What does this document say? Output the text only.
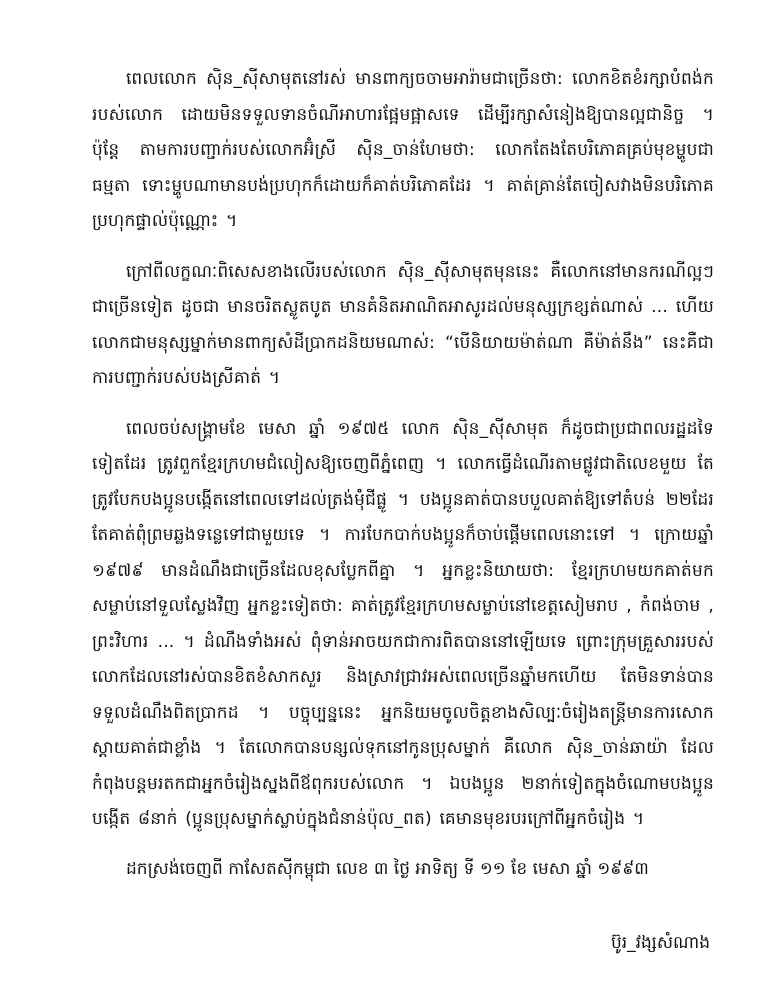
ពេលលោក ស៊ិន_ស៊ីសាមុតនៅរស់ មានពាក្យចចាមអារ៉ាមជាច្រើនថា: លោកខិតខំរក្សាបំពង់ករបស់លោក ដោយមិនទទួលទានចំណីអាហារផ្អែមផ្អាសទេ ដើម្បីរក្សាសំនៀងឱ្យបានល្អជានិច្ច ។ ប៉ុន្តែ តាមការបញ្ជាក់របស់លោកអ៊ំស្រី ស៊ិន_ចាន់ហែមថា: លោកតែងតែបរិភោគគ្រប់មុខម្ហូបជាធម្មតា ទោះម្ហូបណាមានបង់ប្រហុកក៏ដោយក៏គាត់បរិភោគដែរ ។ គាត់គ្រាន់តែចៀសវាងមិនបរិភោគប្រហុកផ្ទាល់ប៉ុណ្ណោះ ។

ក្រៅពីលក្ខណៈពិសេសខាងលើរបស់លោក ស៊ិន_ស៊ីសាមុតមុននេះ គឺលោកនៅមានករណីល្អៗជាច្រើនទៀត ដូចជា មានចរិតស្លូតបូត មានគំនិតអាណិតអាសូរដល់មនុស្សក្រខ្សត់ណាស់ ... ហើយលោកជាមនុស្សម្នាក់មានពាក្យសំដីប្រាកដនិយមណាស់: “បើនិយាយម៉ាត់ណា គឺម៉ាត់នឹង” នេះគឺជាការបញ្ជាក់របស់បងស្រីគាត់ ។

ពេលចប់សង្គ្រាមខែ មេសា ឆ្នាំ ១៩៧៥ លោក ស៊ិន_ស៊ីសាមុត ក៏ដូចជាប្រជាពលរដ្ឋដទៃទៀតដែរ ត្រូវពួកខ្មែរក្រហមជំលៀសឱ្យចេញពីភ្នំពេញ ។ លោកធ្វើដំណើរតាមផ្លូវជាតិលេខមួយ តែត្រូវបែកបងប្អូនបង្កើតនៅពេលទៅដល់ត្រង់ម៉ុំជីផ្លូ ។ បងប្អូនគាត់បានបបួលគាត់ឱ្យទៅតំបន់ ២២ដែរ តែគាត់ពុំព្រមឆ្លងទន្លេទៅជាមួយទេ ។ ការបែកបាក់បងប្អូនក៏ចាប់ផ្តើមពេលនោះទៅ ។ ក្រោយឆ្នាំ ១៩៧៩ មានដំណឹងជាច្រើនដែលខុសប្លែកពីគ្នា ។ អ្នកខ្លះនិយាយថា: ខ្មែរក្រហមយកគាត់មកសម្លាប់នៅទួលស្លែងវិញ អ្នកខ្លះទៀតថា: គាត់ត្រូវខ្មែរក្រហមសម្លាប់នៅខេត្តសៀមរាប , កំពង់ចាម , ព្រះវិហារ ... ។ ដំណឹងទាំងអស់ ពុំទាន់អាចយកជាការពិតបាននៅឡើយទេ ព្រោះក្រុមគ្រួសាររបស់លោកដែលនៅរស់បានខិតខំសាកសួរ និងស្រាវជ្រាវអស់ពេលច្រើនឆ្នាំមកហើយ តែមិនទាន់បានទទួលដំណឹងពិតប្រាកដ ។ បច្ចុប្បន្ននេះ អ្នកនិយមចូលចិត្តខាងសិល្បៈចំរៀងតន្ត្រីមានការសោកស្តាយគាត់ជាខ្លាំង ។ តែលោកបានបន្សល់ទុកនៅកូនប្រុសម្នាក់ គឺលោក ស៊ិន_ចាន់ឆាយ៉ា ដែលកំពុងបន្តមរតកជាអ្នកចំរៀងស្នងពីឪពុករបស់លោក ។ ឯបងប្អូន ២នាក់ទៀតក្នុងចំណោមបងប្អូនបង្កើត ៨នាក់ (ប្អូនប្រុសម្នាក់ស្លាប់ក្នុងជំនាន់ប៉ុល_ពត) គេមានមុខរបរក្រៅពីអ្នកចំរៀង ។

ដកស្រង់ចេញពី កាសែតស៊ីកម្ពុជា លេខ ៣ ថ្ងៃ អាទិត្យ ទី ១១ ខែ មេសា ឆ្នាំ ១៩៩៣
ប៊ូរ_វង្សសំណាង
